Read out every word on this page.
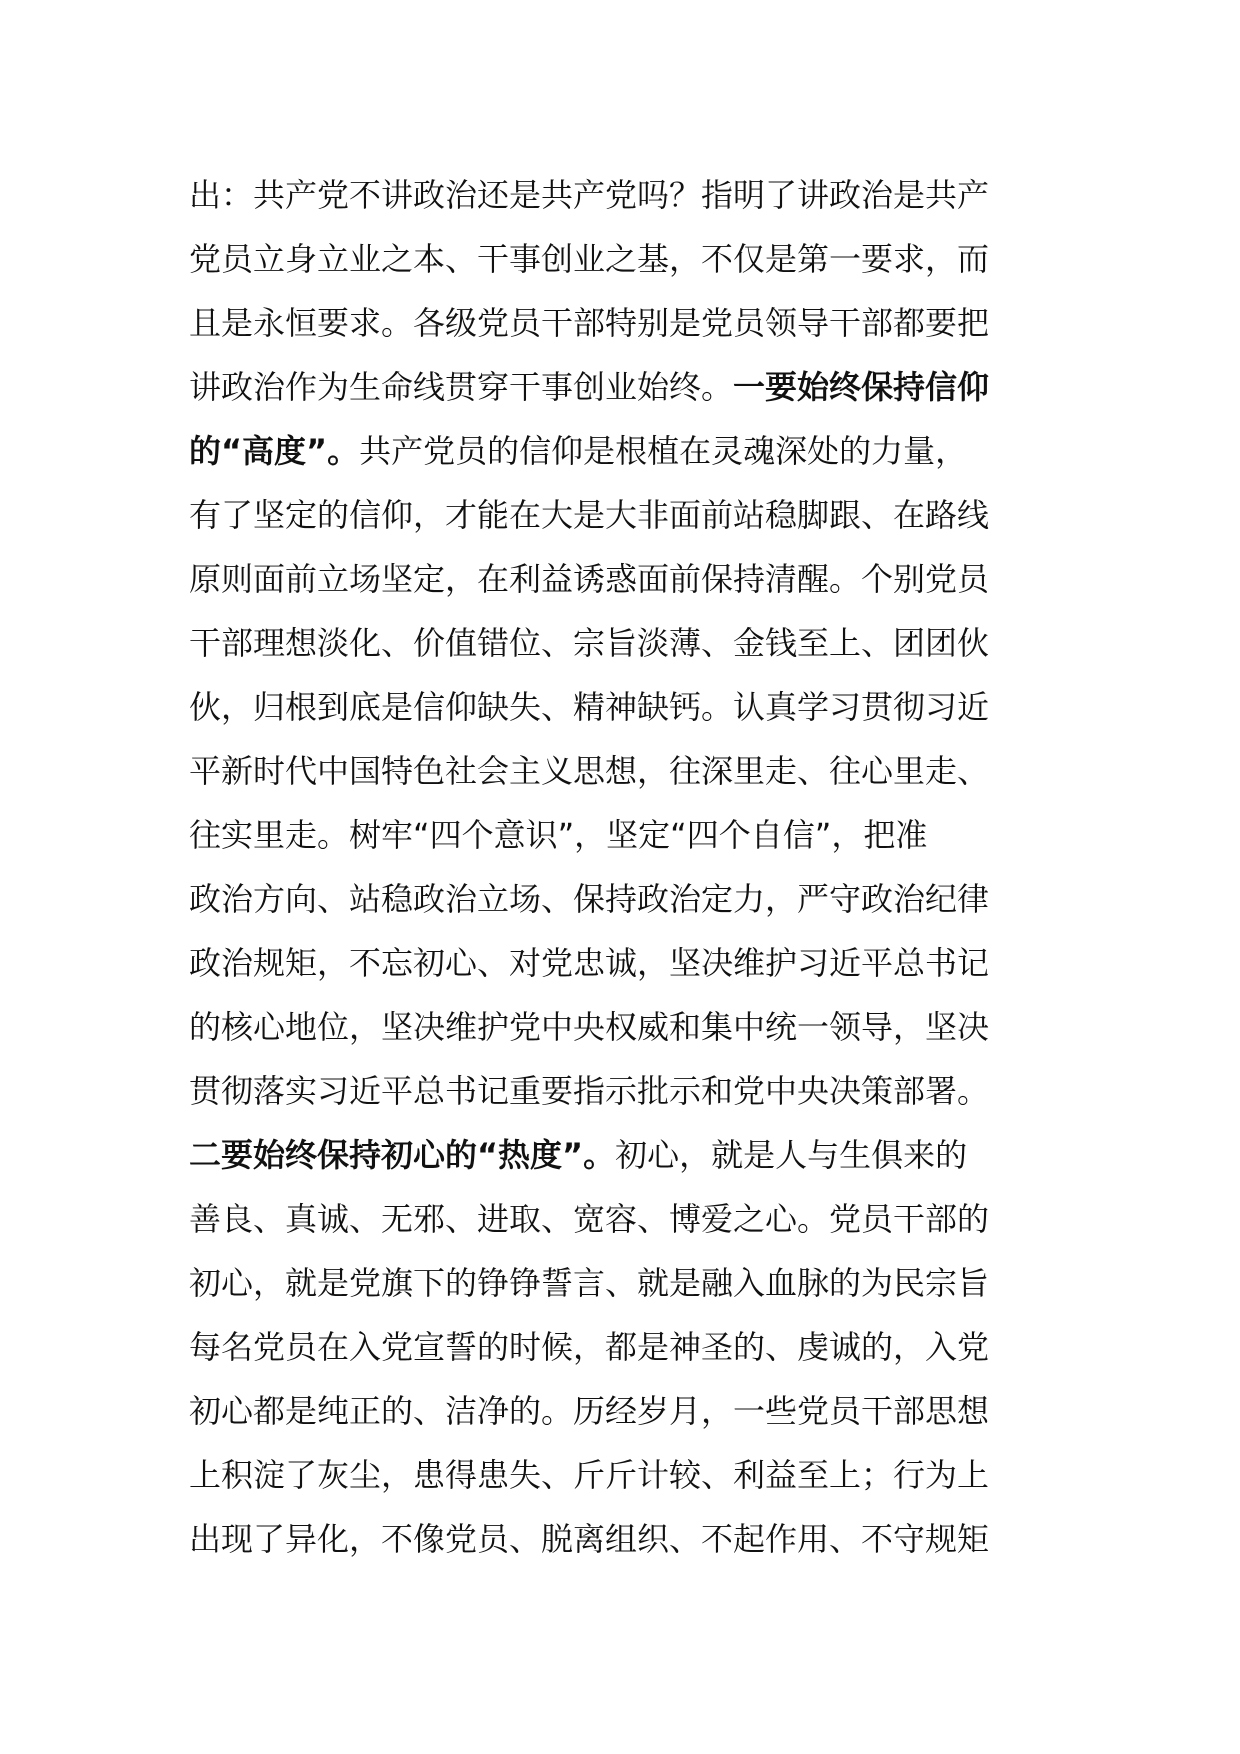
出：共产党不讲政治还是共产党吗？指明了讲政治是共产
党员立身立业之本、干事创业之基，不仅是第一要求，而
且是永恒要求。各级党员干部特别是党员领导干部都要把
讲政治作为生命线贯穿干事创业始终。一要始终保持信仰
的“高度”。共产党员的信仰是根植在灵魂深处的力量，
有了坚定的信仰，才能在大是大非面前站稳脚跟、在路线
原则面前立场坚定，在利益诱惑面前保持清醒。个别党员
干部理想淡化、价值错位、宗旨淡薄、金钱至上、团团伙
伙，归根到底是信仰缺失、精神缺钙。认真学习贯彻习近
平新时代中国特色社会主义思想，往深里走、往心里走、
往实里走。树牢“四个意识”，坚定“四个自信”，把准
政治方向、站稳政治立场、保持政治定力，严守政治纪律
政治规矩，不忘初心、对党忠诚，坚决维护习近平总书记
的核心地位，坚决维护党中央权威和集中统一领导，坚决
贯彻落实习近平总书记重要指示批示和党中央决策部署。
二要始终保持初心的“热度”。初心，就是人与生俱来的
善良、真诚、无邪、进取、宽容、博爱之心。党员干部的
初心，就是党旗下的铮铮誓言、就是融入血脉的为民宗旨
每名党员在入党宣誓的时候，都是神圣的、虔诚的，入党
初心都是纯正的、洁净的。历经岁月，一些党员干部思想
上积淀了灰尘，患得患失、斤斤计较、利益至上；行为上
出现了异化，不像党员、脱离组织、不起作用、不守规矩
